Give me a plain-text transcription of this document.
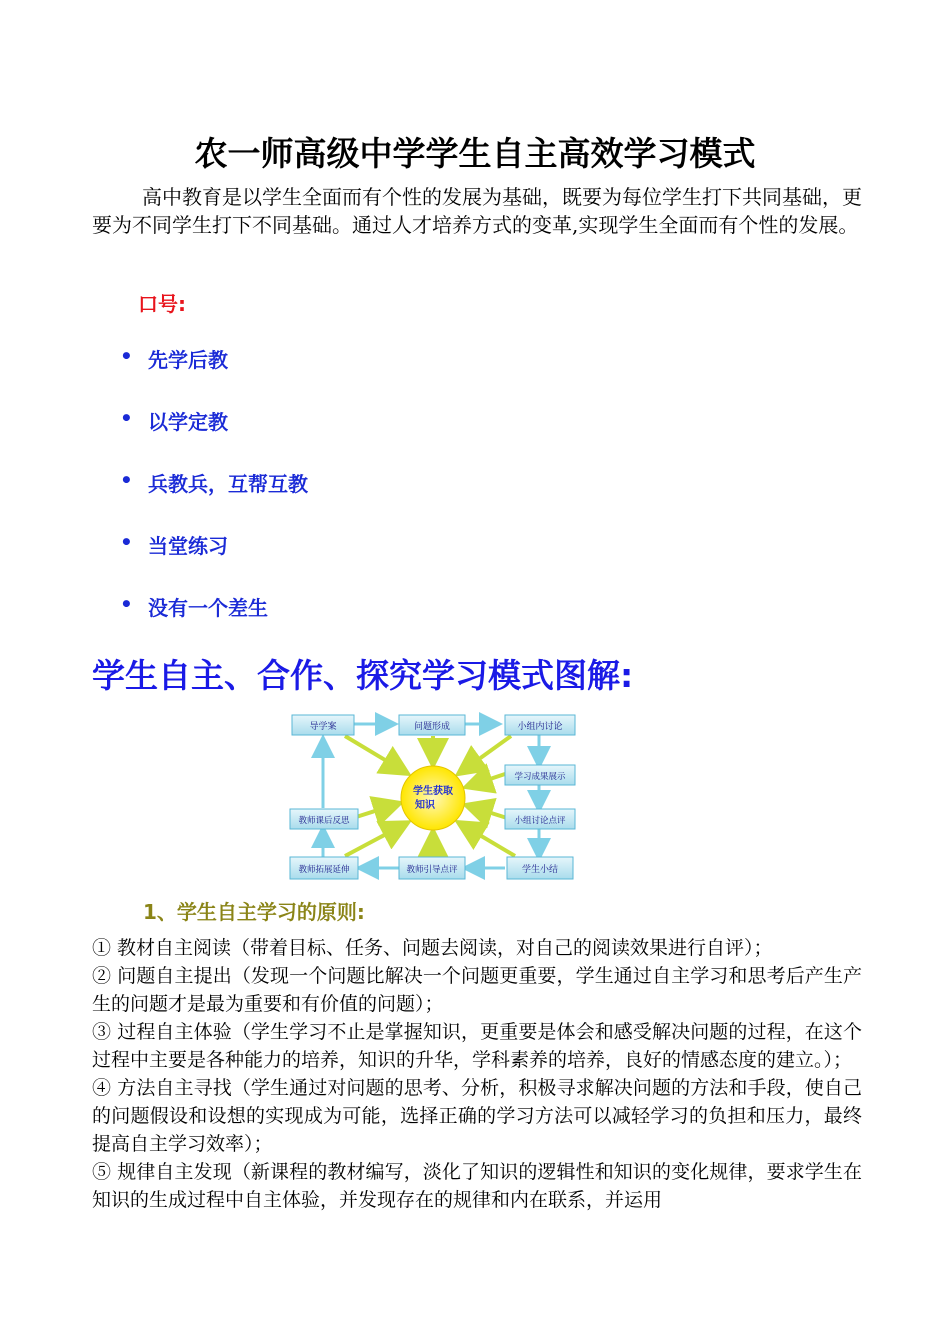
农一师高级中学学生自主高效学习模式
高中教育是以学生全面而有个性的发展为基础，既要为每位学生打下共同基础，更要为不同学生打下不同基础。通过人才培养方式的变革,实现学生全面而有个性的发展。
口号:
• 先学后教
• 以学定教
• 兵教兵，互帮互教
• 当堂练习
• 没有一个差生
学生自主、合作、探究学习模式图解:
学生获取
知识
导学案	问题形成	小组内讨论
学习成果展示
小组讨论点评
学生小结
教师引导点评
教师拓展延伸
教师课后反思
1、学生自主学习的原则:

① 教材自主阅读（带着目标、任务、问题去阅读，对自己的阅读效果进行自评）；

② 问题自主提出（发现一个问题比解决一个问题更重要，学生通过自主学习和思考后产生产生的问题才是最为重要和有价值的问题）；

③ 过程自主体验（学生学习不止是掌握知识，更重要是体会和感受解决问题的过程，在这个过程中主要是各种能力的培养，知识的升华，学科素养的培养，良好的情感态度的建立。）；

④ 方法自主寻找（学生通过对问题的思考、分析，积极寻求解决问题的方法和手段，使自己的问题假设和设想的实现成为可能，选择正确的学习方法可以减轻学习的负担和压力，最终提高自主学习效率）；

⑤ 规律自主发现（新课程的教材编写，淡化了知识的逻辑性和知识的变化规律，要求学生在知识的生成过程中自主体验，并发现存在的规律和内在联系，并运用
